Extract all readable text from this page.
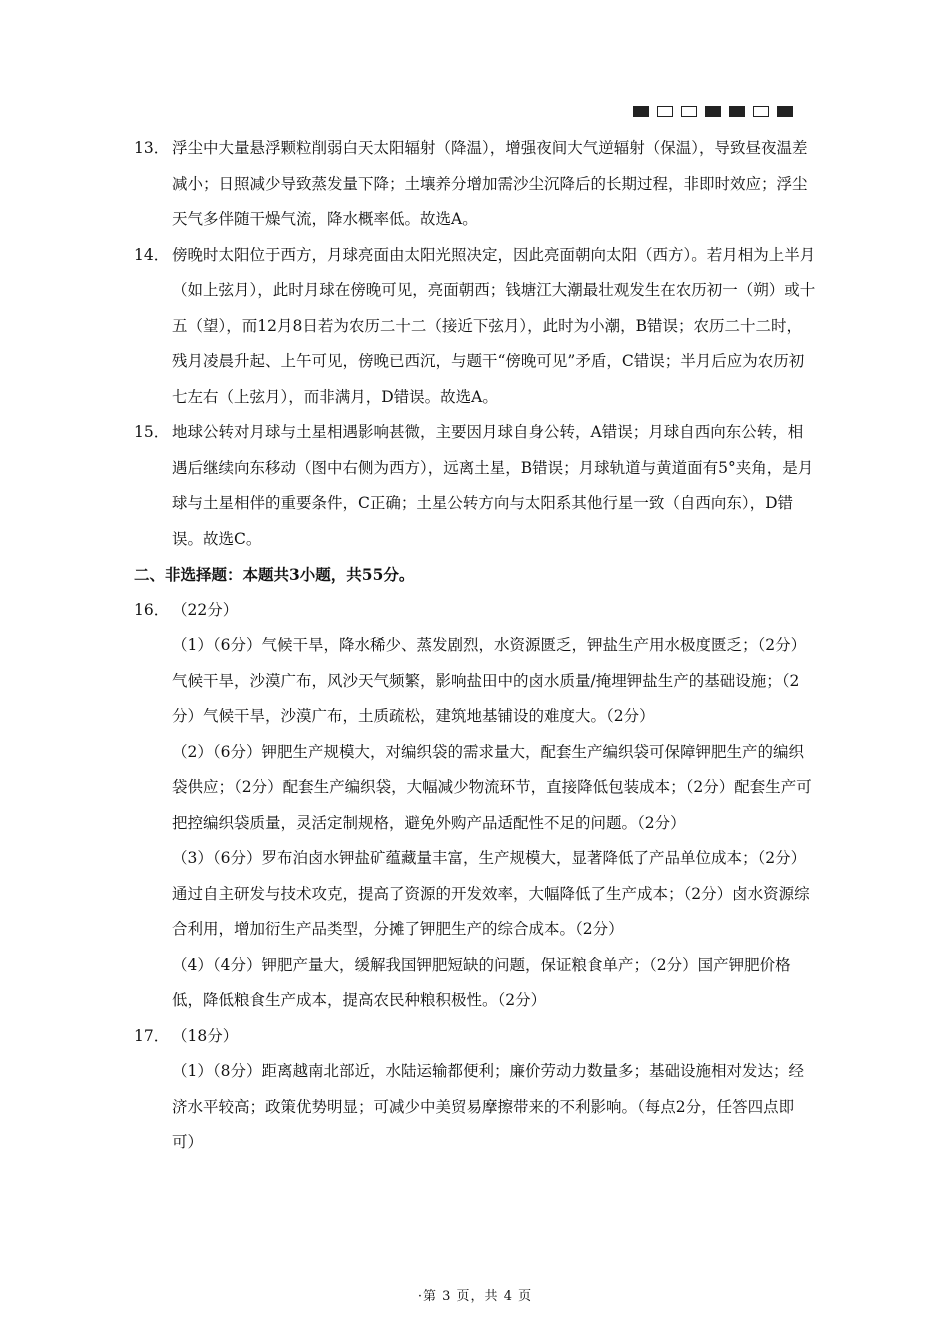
13． 浮尘中大量悬浮颗粒削弱白天太阳辐射（降温），增强夜间大气逆辐射（保温），导致昼夜温差减小；日照减少导致蒸发量下降；土壤养分增加需沙尘沉降后的长期过程，非即时效应；浮尘天气多伴随干燥气流，降水概率低。故选A。
14． 傍晚时太阳位于西方，月球亮面由太阳光照决定，因此亮面朝向太阳（西方）。若月相为上半月（如上弦月），此时月球在傍晚可见，亮面朝西；钱塘江大潮最壮观发生在农历初一（朔）或十五（望），而12月8日若为农历二十二（接近下弦月），此时为小潮，B错误；农历二十二时，残月凌晨升起、上午可见，傍晚已西沉，与题干“傍晚可见”矛盾，C错误；半月后应为农历初七左右（上弦月），而非满月，D错误。故选A。
15． 地球公转对月球与土星相遇影响甚微，主要因月球自身公转，A错误；月球自西向东公转，相遇后继续向东移动（图中右侧为西方），远离土星，B错误；月球轨道与黄道面有5°夹角，是月球与土星相伴的重要条件，C正确；土星公转方向与太阳系其他行星一致（自西向东），D错误。故选C。
二、非选择题：本题共3小题，共55分。
16． （22分）
（1）（6分）气候干旱，降水稀少、蒸发剧烈，水资源匮乏，钾盐生产用水极度匮乏；（2分）气候干旱，沙漠广布，风沙天气频繁，影响盐田中的卤水质量/掩埋钾盐生产的基础设施；（2分）气候干旱，沙漠广布，土质疏松，建筑地基铺设的难度大。（2分）
（2）（6分）钾肥生产规模大，对编织袋的需求量大，配套生产编织袋可保障钾肥生产的编织袋供应；（2分）配套生产编织袋，大幅减少物流环节，直接降低包装成本；（2分）配套生产可把控编织袋质量，灵活定制规格，避免外购产品适配性不足的问题。（2分）
（3）（6分）罗布泊卤水钾盐矿蕴藏量丰富，生产规模大，显著降低了产品单位成本；（2分）通过自主研发与技术攻克，提高了资源的开发效率，大幅降低了生产成本；（2分）卤水资源综合利用，增加衍生产品类型，分摊了钾肥生产的综合成本。（2分）
（4）（4分）钾肥产量大，缓解我国钾肥短缺的问题，保证粮食单产；（2分）国产钾肥价格低，降低粮食生产成本，提高农民种粮积极性。（2分）
17． （18分）
（1）（8分）距离越南北部近，水陆运输都便利；廉价劳动力数量多；基础设施相对发达；经济水平较高；政策优势明显；可减少中美贸易摩擦带来的不利影响。（每点2分，任答四点即可）
·第 3 页，共 4 页
